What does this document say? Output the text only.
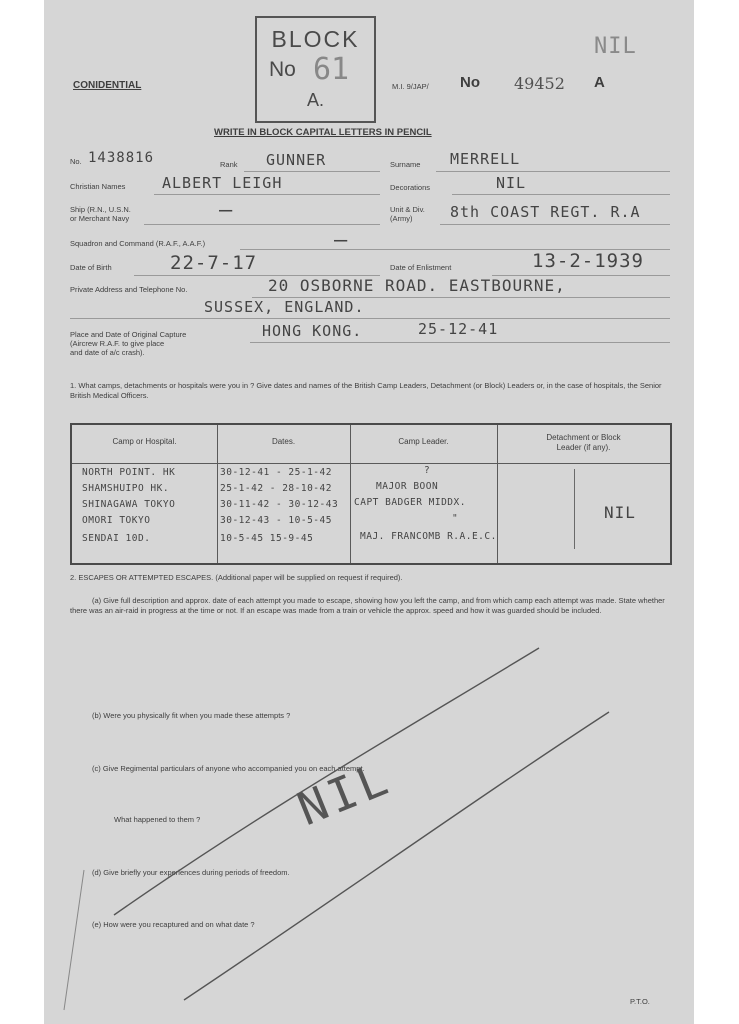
CONIDENTIAL
BLOCK
No 61
A.
NIL
M.I. 9/JAP/ No 49452 A
WRITE IN BLOCK CAPITAL LETTERS IN PENCIL
No. 1438816	Rank GUNNER	Surname MERRELL
Christian Names ALBERT LEIGH	Decorations	NIL
Ship (R.N., U.S.N.
or Merchant Navy	—	Unit & Div.
(Army)	8th COAST REGT. R.A
Squadron and Command (R.A.F., A.A.F.)	—
Date of Birth	22-7-17	Date of Enlistment	13-2-1939
Private Address and Telephone No.	20 OSBORNE ROAD. EASTBOURNE,
SUSSEX, ENGLAND.
Place and Date of Original Capture
(Aircrew R.A.F. to give place
and date of a/c crash).
HONG KONG.	25-12-41
1. What camps, detachments or hospitals were you in ? Give dates and names of the British Camp Leaders, Detachment (or Block) Leaders or, in the case of hospitals, the Senior British Medical Officers.
Camp or Hospital.	Dates.	Camp Leader.	Detachment or Block
Leader (if any).
NORTH POINT. HK	30-12-41 - 25-1-42	?
SHAMSHUIPO HK.	25-1-42 - 28-10-42	MAJOR BOON
SHINAGAWA TOKYO	30-11-42 - 30-12-43 CAPT BADGER MIDDX.
OMORI TOKYO	30-12-43 - 10-5-45	"
SENDAI 10D.	10-5-45 15-9-45	MAJ. FRANCOMB R.A.E.C.
NIL
2. ESCAPES OR ATTEMPTED ESCAPES. (Additional paper will be supplied on request if required).
(a) Give full description and approx. date of each attempt you made to escape, showing how you left the camp, and from which camp each attempt was made. State whether there was an air-raid in progress at the time or not. If an escape was made from a train or vehicle the approx. speed and how it was guarded should be included.
(b) Were you physically fit when you made these attempts ?
(c) Give Regimental particulars of anyone who accompanied you on each attempt.
What happened to them ?
(d) Give briefly your experiences during periods of freedom.
(e) How were you recaptured and on what date ?
NIL
P.T.O.
